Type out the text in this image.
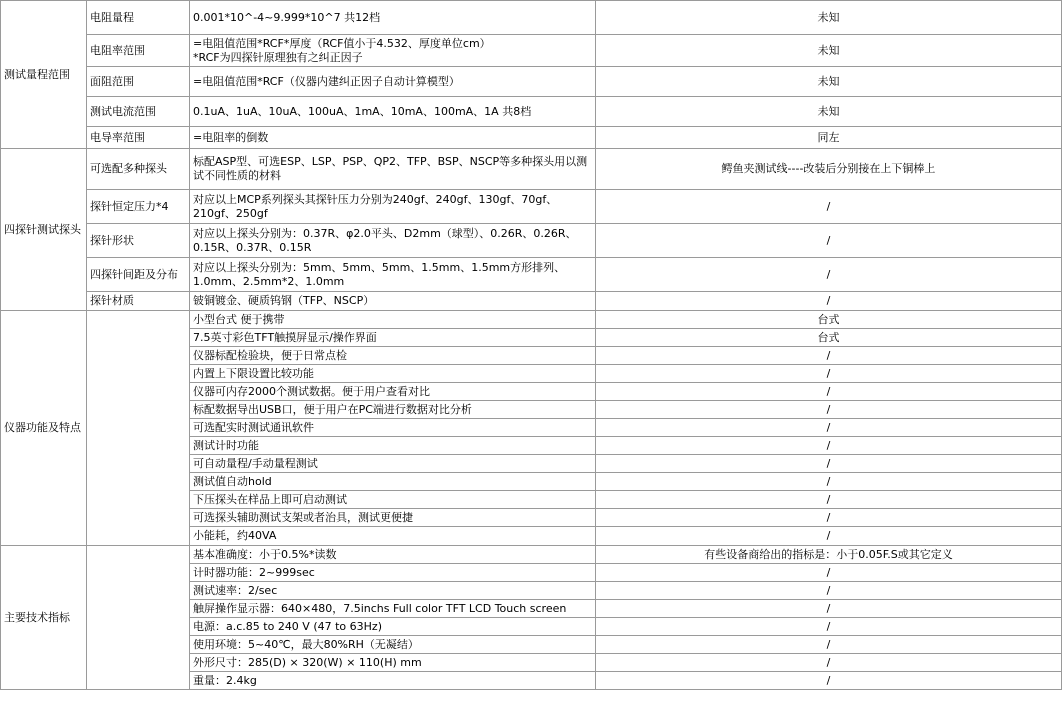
测试量程范围	电阻量程	0.001*10^-4~9.999*10^7 共12档	未知
	电阻率范围	=电阻值范围*RCF*厚度（RCF值小于4.532、厚度单位cm）
*RCF为四探针原理独有之纠正因子	未知
	面阻范围	=电阻值范围*RCF（仪器内建纠正因子自动计算模型）	未知
	测试电流范围	0.1uA、1uA、10uA、100uA、1mA、10mA、100mA、1A 共8档	未知
	电导率范围	=电阻率的倒数	同左
四探针测试探头	可选配多种探头	标配ASP型、可选ESP、LSP、PSP、QP2、TFP、BSP、NSCP等多种探头用以测试不同性质的材料	鳄鱼夹测试线----改装后分别接在上下铜棒上
	探针恒定压力*4	对应以上MCP系列探头其探针压力分别为240gf、240gf、130gf、70gf、210gf、250gf	/
	探针形状	对应以上探头分别为：0.37R、φ2.0平头、D2mm（球型）、0.26R、0.26R、0.15R、0.37R、0.15R	/
	四探针间距及分布	对应以上探头分别为：5mm、5mm、5mm、1.5mm、1.5mm方形排列、1.0mm、2.5mm*2、1.0mm	/
	探针材质	铍铜镀金、硬质钨钢（TFP、NSCP）	/
仪器功能及特点		小型台式 便于携带	台式
		7.5英寸彩色TFT触摸屏显示/操作界面	台式
		仪器标配检验块，便于日常点检	/
		内置上下限设置比较功能	/
		仪器可内存2000个测试数据。便于用户查看对比	/
		标配数据导出USB口，便于用户在PC端进行数据对比分析	/
		可选配实时测试通讯软件	/
		测试计时功能	/
		可自动量程/手动量程测试	/
		测试值自动hold	/
		下压探头在样品上即可启动测试	/
		可选探头辅助测试支架或者治具，测试更便捷	/
		小能耗，约40VA	/
主要技术指标		基本准确度：小于0.5%*读数	有些设备商给出的指标是：小于0.05F.S或其它定义
		计时器功能：2~999sec	/
		测试速率：2/sec	/
		触屏操作显示器：640×480，7.5inchs Full color TFT LCD Touch screen	/
		电源：a.c.85 to 240 V (47 to 63Hz)	/
		使用环境：5~40℃，最大80%RH（无凝结）	/
		外形尺寸：285(D) × 320(W) × 110(H) mm	/
		重量：2.4kg	/
